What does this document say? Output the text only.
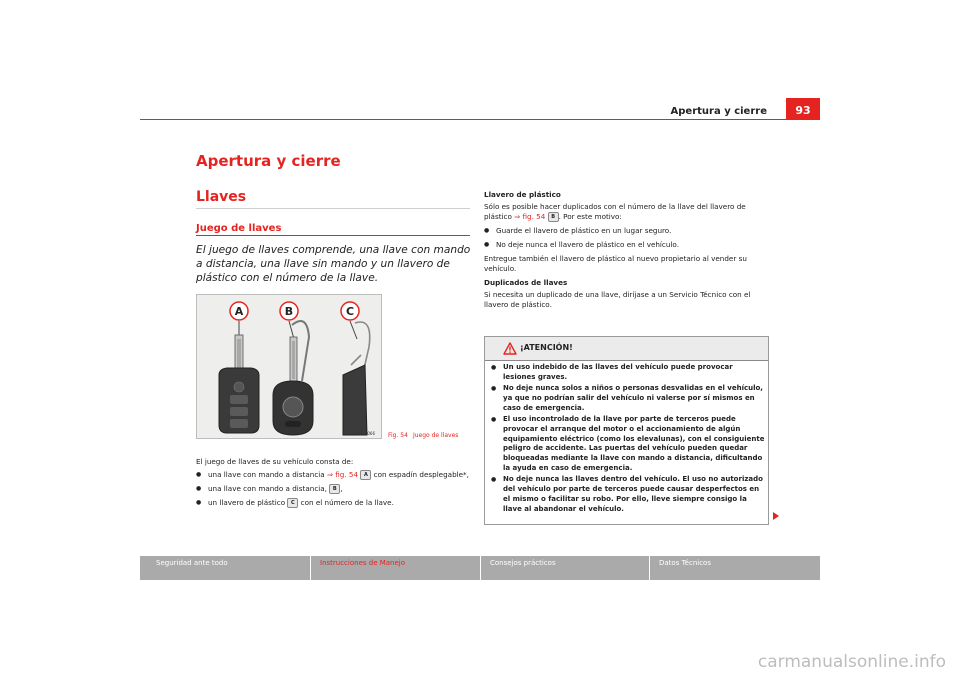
Apertura y cierre	93
Apertura y cierre
Llaves
Juego de llaves
El juego de llaves comprende, una llave con mando a distancia, una llave sin mando y un llavero de plástico con el número de la llave.
A	B	C
B1P-0066 Fig. 54 Juego de llaves
El juego de llaves de su vehículo consta de:
● una llave con mando a distancia ⇒ fig. 54 A con espadín desplegable*,
● una llave con mando a distancia, B ,
● un llavero de plástico C con el número de la llave.
Llavero de plástico
Sólo es posible hacer duplicados con el número de la llave del llavero de plástico ⇒ fig. 54 B . Por este motivo:
● Guarde el llavero de plástico en un lugar seguro.
● No deje nunca el llavero de plástico en el vehículo.
Entregue también el llavero de plástico al nuevo propietario al vender su vehículo.
Duplicados de llaves
Si necesita un duplicado de una llave, diríjase a un Servicio Técnico con el llavero de plástico.
¡ATENCIÓN!

● Un uso indebido de las llaves del vehículo puede provocar lesiones graves.

● No deje nunca solos a niños o personas desvalidas en el vehículo, ya que no podrían salir del vehículo ni valerse por sí mismos en caso de emergencia.

● El uso incontrolado de la llave por parte de terceros puede provocar el arranque del motor o el accionamiento de algún equipamiento eléctrico (como los elevalunas), con el consiguiente peligro de accidente. Las puertas del vehículo pueden quedar bloqueadas mediante la llave con mando a distancia, dificultando la ayuda en caso de emergencia.

● No deje nunca las llaves dentro del vehículo. El uso no autorizado del vehículo por parte de terceros puede causar desperfectos en el mismo o facilitar su robo. Por ello, lleve siempre consigo la llave al abandonar el vehículo.

Seguridad ante todo	Instrucciones de Manejo	Consejos prácticos	Datos Técnicos
carmanualsonline.info
